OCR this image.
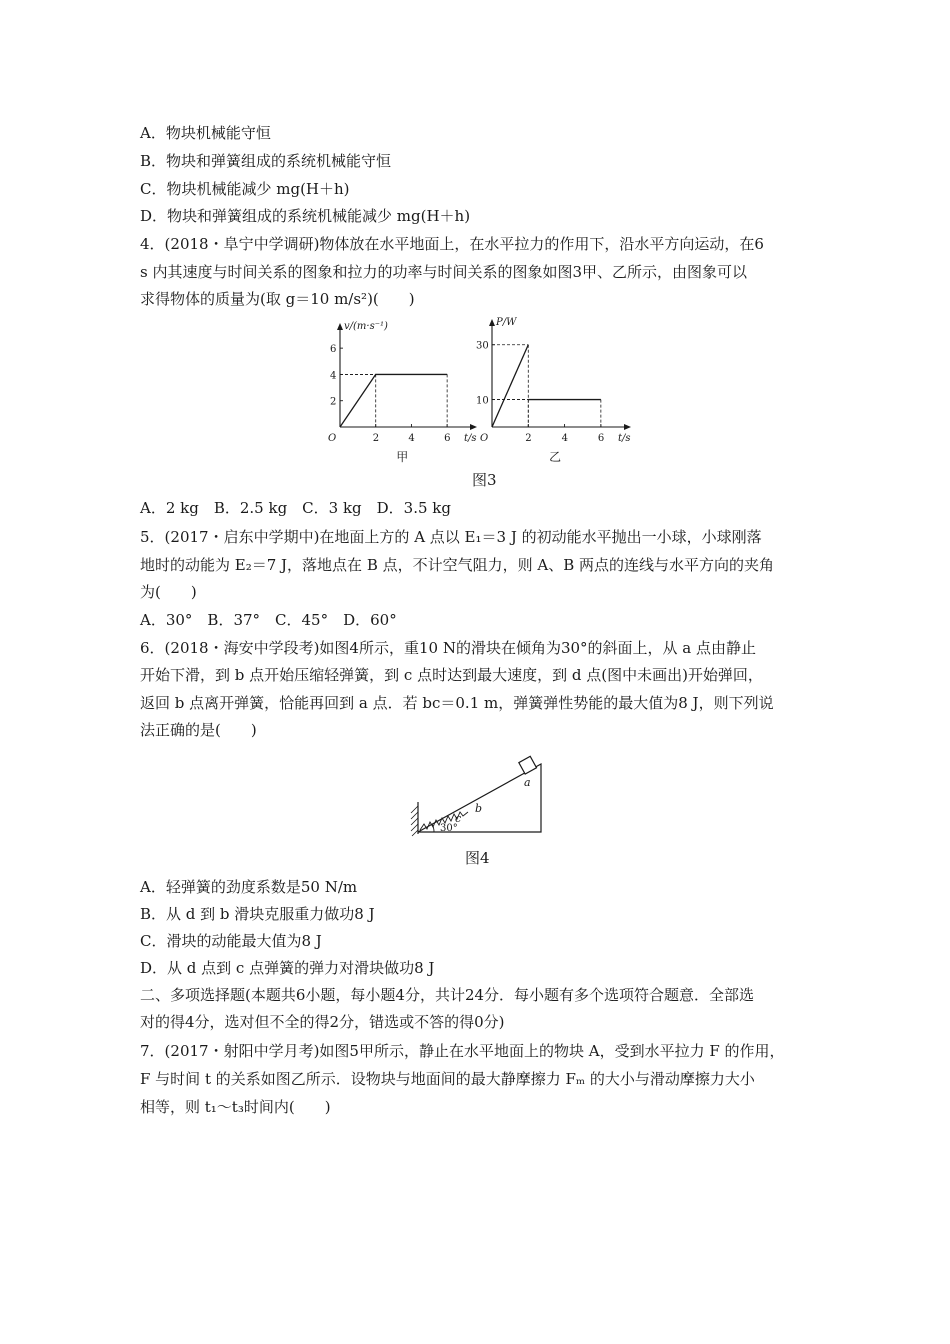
A．物块机械能守恒
B．物块和弹簧组成的系统机械能守恒
C．物块机械能减少 mg(H＋h)
D．物块和弹簧组成的系统机械能减少 mg(H＋h)
4．(2018・阜宁中学调研)物体放在水平地面上，在水平拉力的作用下，沿水平方向运动，在6
s 内其速度与时间关系的图象和拉力的功率与时间关系的图象如图3甲、乙所示，由图象可以
求得物体的质量为(取 g＝10 m/s²)(　　)
O	t/s
v/(m·s⁻¹)
2	4	6
2
4
6
甲
O	t/s
P/W
2	4	6
10
30
乙
图3
A．2 kg　B．2.5 kg　C．3 kg　D．3.5 kg
5．(2017・启东中学期中)在地面上方的 A 点以 E₁＝3 J 的初动能水平抛出一小球，小球刚落
地时的动能为 E₂＝7 J，落地点在 B 点，不计空气阻力，则 A、B 两点的连线与水平方向的夹角
为(　　)
A．30°　B．37°　C．45°　D．60°
6．(2018・海安中学段考)如图4所示，重10 N的滑块在倾角为30°的斜面上，从 a 点由静止
开始下滑，到 b 点开始压缩轻弹簧，到 c 点时达到最大速度，到 d 点(图中未画出)开始弹回，
返回 b 点离开弹簧，恰能再回到 a 点．若 bc＝0.1 m，弹簧弹性势能的最大值为8 J，则下列说
法正确的是(　　)
30°
c
b
a
图4
A．轻弹簧的劲度系数是50 N/m
B．从 d 到 b 滑块克服重力做功8 J
C．滑块的动能最大值为8 J
D．从 d 点到 c 点弹簧的弹力对滑块做功8 J
二、多项选择题(本题共6小题，每小题4分，共计24分．每小题有多个选项符合题意．全部选
对的得4分，选对但不全的得2分，错选或不答的得0分)
7．(2017・射阳中学月考)如图5甲所示，静止在水平地面上的物块 A，受到水平拉力 F 的作用，
F 与时间 t 的关系如图乙所示．设物块与地面间的最大静摩擦力 Fₘ 的大小与滑动摩擦力大小
相等，则 t₁～t₃时间内(　　)
